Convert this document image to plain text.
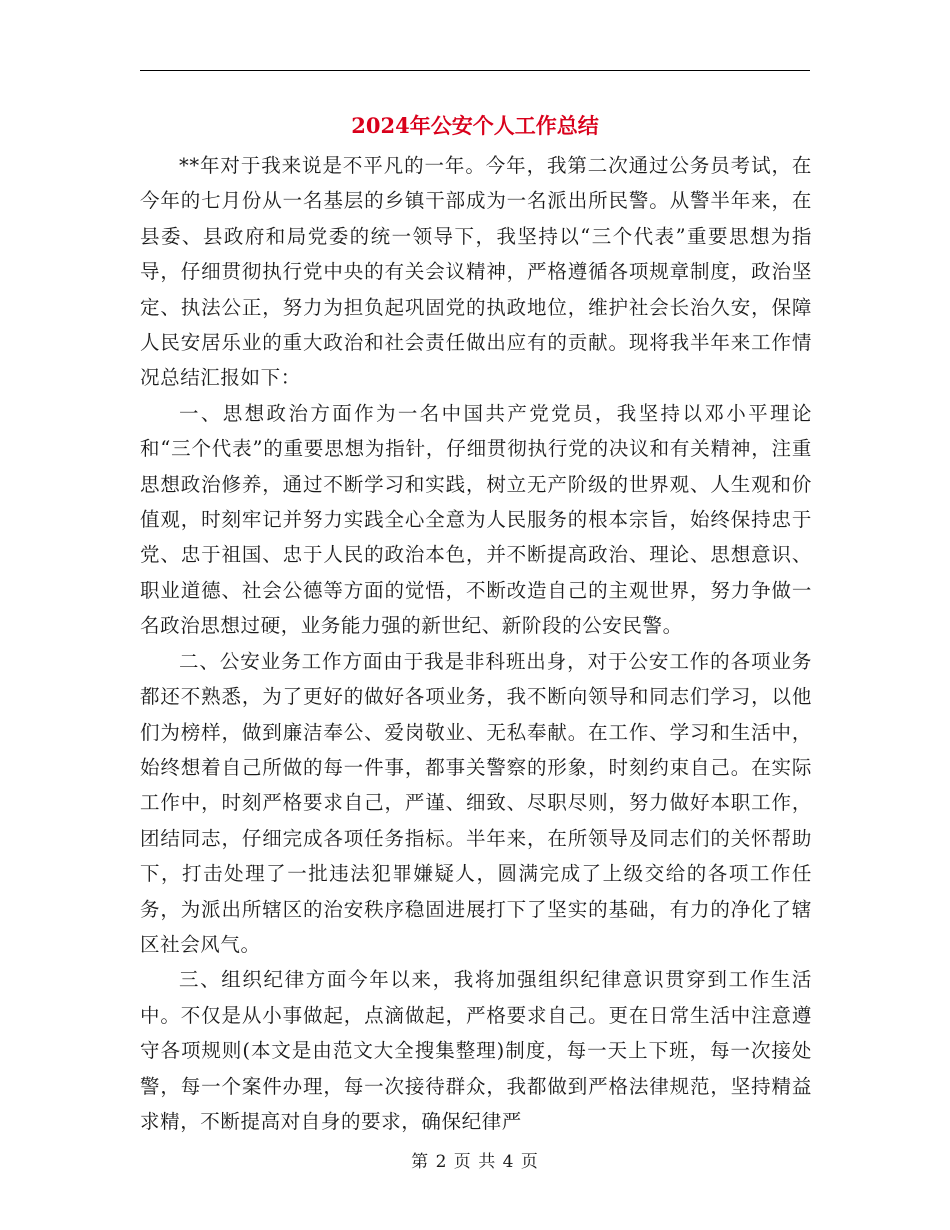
2024年公安个人工作总结

**年对于我来说是不平凡的一年。今年，我第二次通过公务员考试，在今年的七月份从一名基层的乡镇干部成为一名派出所民警。从警半年来，在县委、县政府和局党委的统一领导下，我坚持以“三个代表”重要思想为指导，仔细贯彻执行党中央的有关会议精神，严格遵循各项规章制度，政治坚定、执法公正，努力为担负起巩固党的执政地位，维护社会长治久安，保障人民安居乐业的重大政治和社会责任做出应有的贡献。现将我半年来工作情况总结汇报如下：

一、思想政治方面作为一名中国共产党党员，我坚持以邓小平理论和“三个代表”的重要思想为指针，仔细贯彻执行党的决议和有关精神，注重思想政治修养，通过不断学习和实践，树立无产阶级的世界观、人生观和价值观，时刻牢记并努力实践全心全意为人民服务的根本宗旨，始终保持忠于党、忠于祖国、忠于人民的政治本色，并不断提高政治、理论、思想意识、职业道德、社会公德等方面的觉悟，不断改造自己的主观世界，努力争做一名政治思想过硬，业务能力强的新世纪、新阶段的公安民警。

二、公安业务工作方面由于我是非科班出身，对于公安工作的各项业务都还不熟悉，为了更好的做好各项业务，我不断向领导和同志们学习，以他们为榜样，做到廉洁奉公、爱岗敬业、无私奉献。在工作、学习和生活中，始终想着自己所做的每一件事，都事关警察的形象，时刻约束自己。在实际工作中，时刻严格要求自己，严谨、细致、尽职尽则，努力做好本职工作，团结同志，仔细完成各项任务指标。半年来，在所领导及同志们的关怀帮助下，打击处理了一批违法犯罪嫌疑人，圆满完成了上级交给的各项工作任务，为派出所辖区的治安秩序稳固进展打下了坚实的基础，有力的净化了辖区社会风气。

三、组织纪律方面今年以来，我将加强组织纪律意识贯穿到工作生活中。不仅是从小事做起，点滴做起，严格要求自己。更在日常生活中注意遵守各项规则(本文是由范文大全搜集整理)制度，每一天上下班，每一次接处警，每一个案件办理，每一次接待群众，我都做到严格法律规范，坚持精益求精，不断提高对自身的要求，确保纪律严

第 2 页 共 4 页
